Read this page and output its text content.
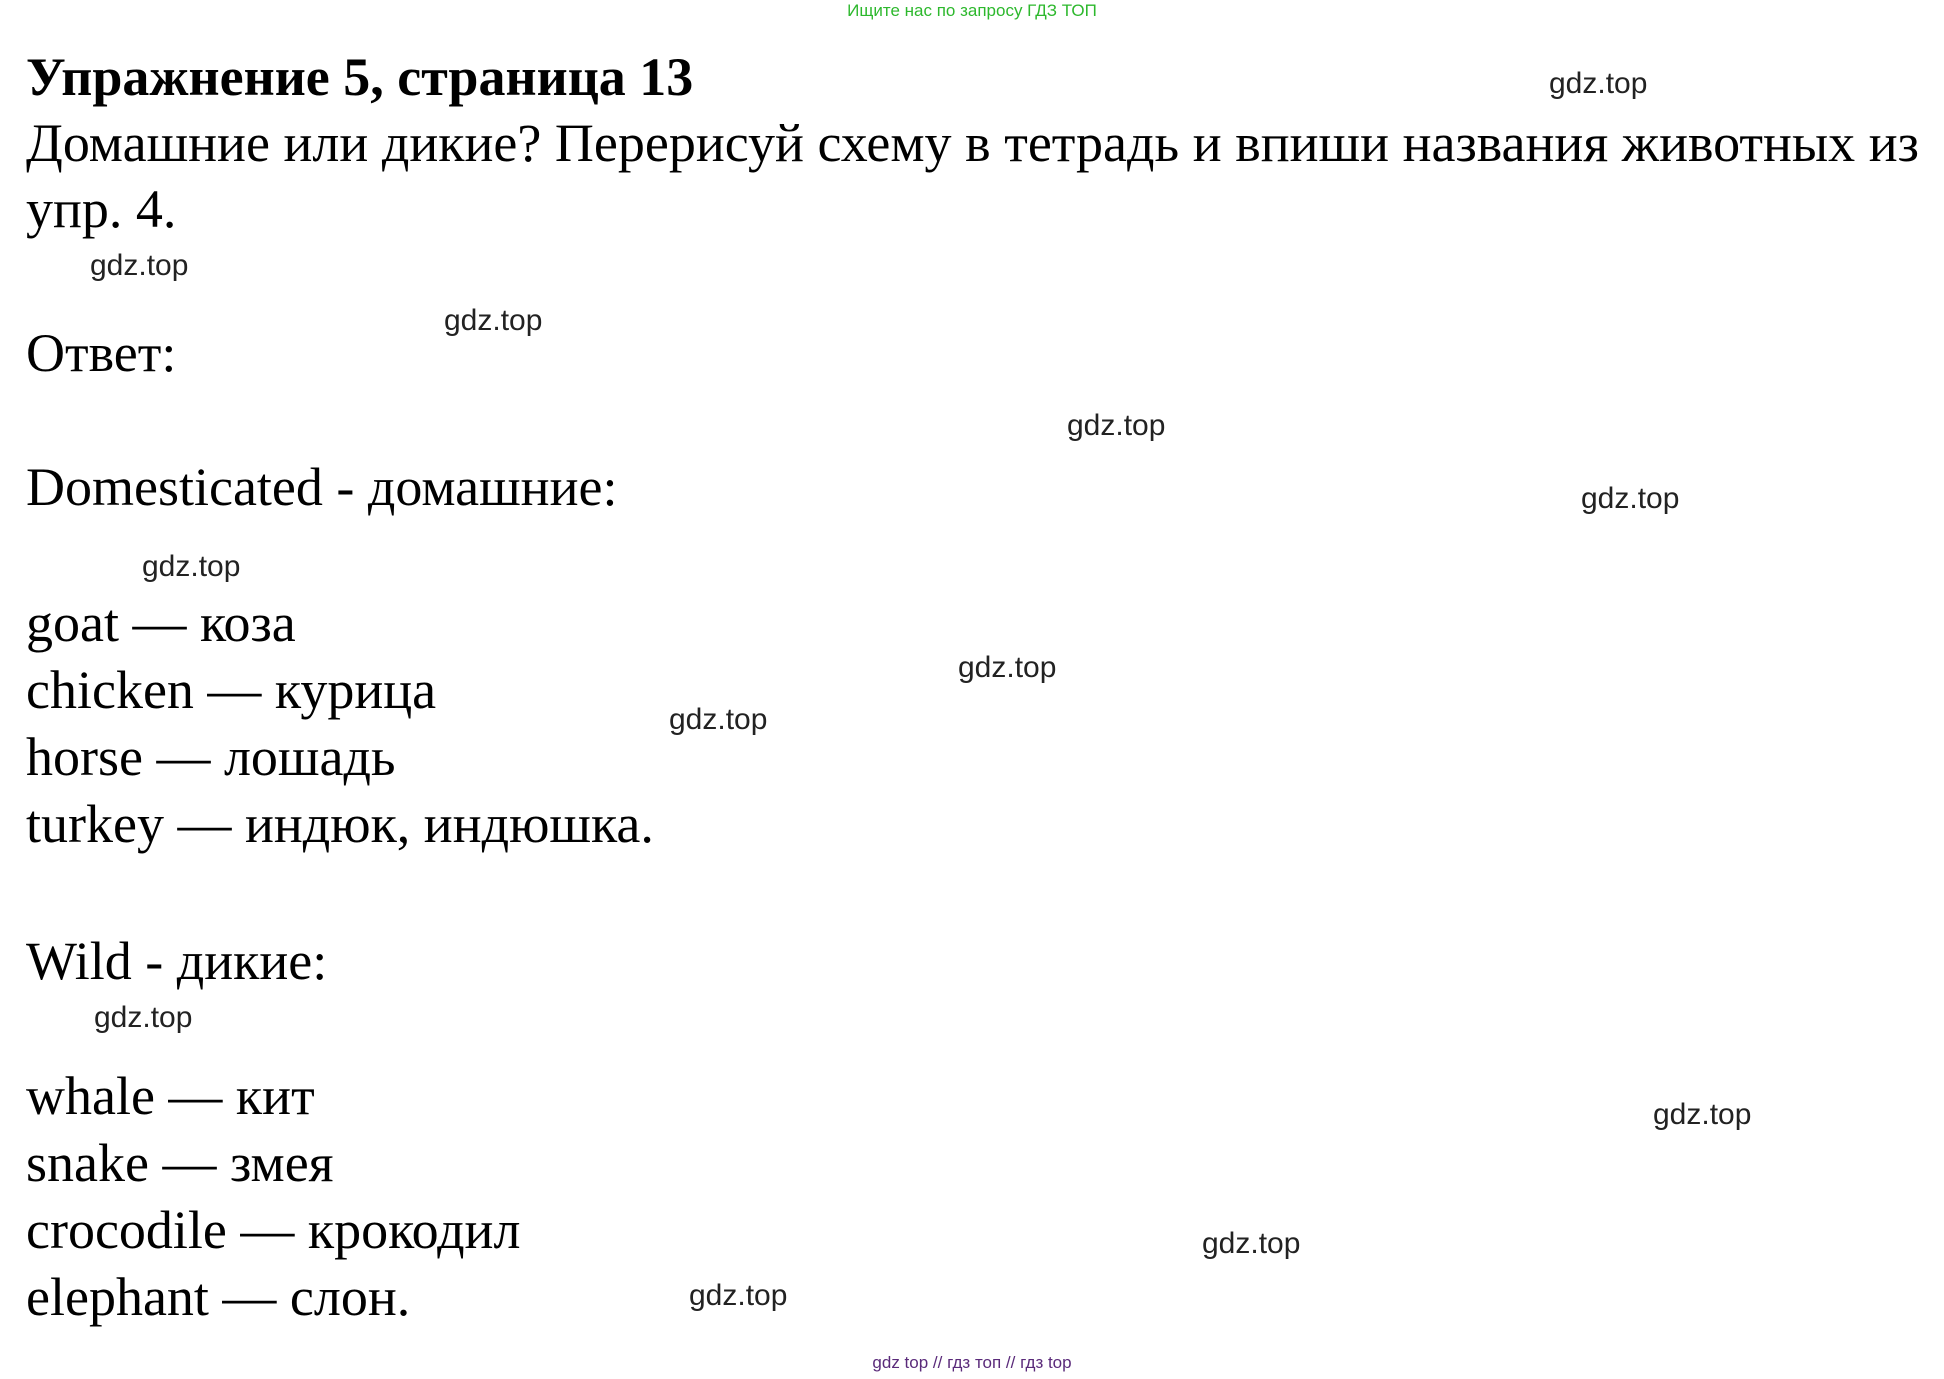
Ищите нас по запросу ГДЗ ТОП
Упражнение 5, страница 13

Домашние или дикие? Перерисуй схему в тетрадь и впиши названия животных из упр. 4.

Ответ:

Domesticated - домашние:

goat — коза
chicken — курица
horse — лошадь
turkey — индюк, индюшка.

Wild - дикие:

whale — кит
snake — змея
crocodile — крокодил
elephant — слон.
gdz.top
gdz.top
gdz.top
gdz.top
gdz.top
gdz.top
gdz.top
gdz.top
gdz.top
gdz.top
gdz.top
gdz.top
gdz top // гдз топ // гдз top
